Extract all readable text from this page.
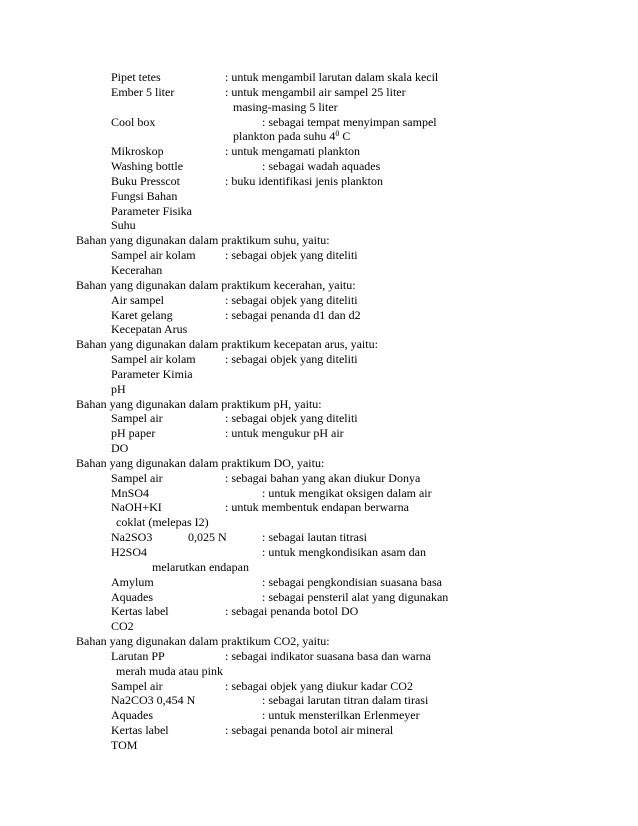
Pipet tetes	: untuk mengambil larutan dalam skala kecil
Ember 5 liter	: untuk mengambil air sampel 25 liter
masing-masing 5 liter
Cool box	: sebagai tempat menyimpan sampel
plankton pada suhu $4^0$ C
Mikroskop	: untuk mengamati plankton
Washing bottle	: sebagai wadah aquades
Buku Presscot	: buku identifikasi jenis plankton
Fungsi Bahan
Parameter Fisika
Suhu
Bahan yang digunakan dalam praktikum suhu, yaitu:
Sampel air kolam : sebagai objek yang diteliti
Kecerahan
Bahan yang digunakan dalam praktikum kecerahan, yaitu:
Air sampel	: sebagai objek yang diteliti
Karet gelang	: sebagai penanda d1 dan d2
Kecepatan Arus
Bahan yang digunakan dalam praktikum kecepatan arus, yaitu:
Sampel air kolam : sebagai objek yang diteliti
Parameter Kimia
pH
Bahan yang digunakan dalam praktikum pH, yaitu:
Sampel air	: sebagai objek yang diteliti
pH paper	: untuk mengukur pH air
DO
Bahan yang digunakan dalam praktikum DO, yaitu:
Sampel air	: sebagai bahan yang akan diukur Donya
MnSO4	: untuk mengikat oksigen dalam air
NaOH+KI	: untuk membentuk endapan berwarna
coklat (melepas I2)
Na2SO3	0,025 N	: sebagai lautan titrasi
H2SO4	: untuk mengkondisikan asam dan
melarutkan endapan
Amylum	: sebagai pengkondisian suasana basa
Aquades	: sebagai pensteril alat yang digunakan
Kertas label	: sebagai penanda botol DO
CO2
Bahan yang digunakan dalam praktikum CO2, yaitu:
Larutan PP	: sebagai indikator suasana basa dan warna
merah muda atau pink
Sampel air	: sebagai objek yang diukur kadar CO2
Na2CO3 0,454 N	: sebagai larutan titran dalam tirasi
Aquades	: untuk mensterilkan Erlenmeyer
Kertas label	: sebagai penanda botol air mineral
TOM
